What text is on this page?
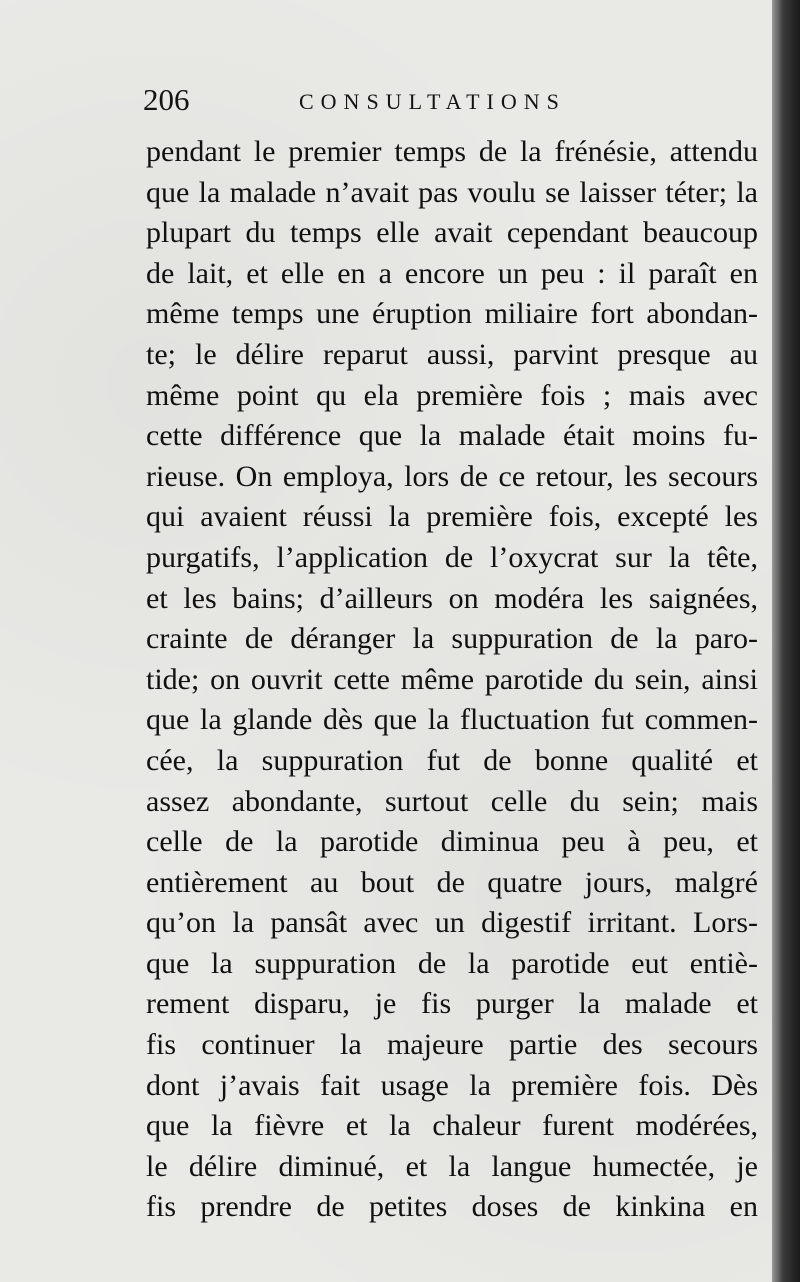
206	CONSULTATIONS
pendant le premier temps de la frénésie, attendu
que la malade n’avait pas voulu se laisser téter; la
plupart du temps elle avait cependant beaucoup
de lait, et elle en a encore un peu : il paraît en
même temps une éruption miliaire fort abondan-
te; le délire reparut aussi, parvint presque au
même point qu ela première fois ; mais avec
cette différence que la malade était moins fu-
rieuse. On employa, lors de ce retour, les secours
qui avaient réussi la première fois, excepté les
purgatifs, l’application de l’oxycrat sur la tête,
et les bains; d’ailleurs on modéra les saignées,
crainte de déranger la suppuration de la paro-
tide; on ouvrit cette même parotide du sein, ainsi
que la glande dès que la fluctuation fut commen-
cée, la suppuration fut de bonne qualité et
assez abondante, surtout celle du sein; mais
celle de la parotide diminua peu à peu, et
entièrement au bout de quatre jours, malgré
qu’on la pansât avec un digestif irritant. Lors-
que la suppuration de la parotide eut entiè-
rement disparu, je fis purger la malade et
fis continuer la majeure partie des secours
dont j’avais fait usage la première fois. Dès
que la fièvre et la chaleur furent modérées,
le délire diminué, et la langue humectée, je
fis prendre de petites doses de kinkina en
